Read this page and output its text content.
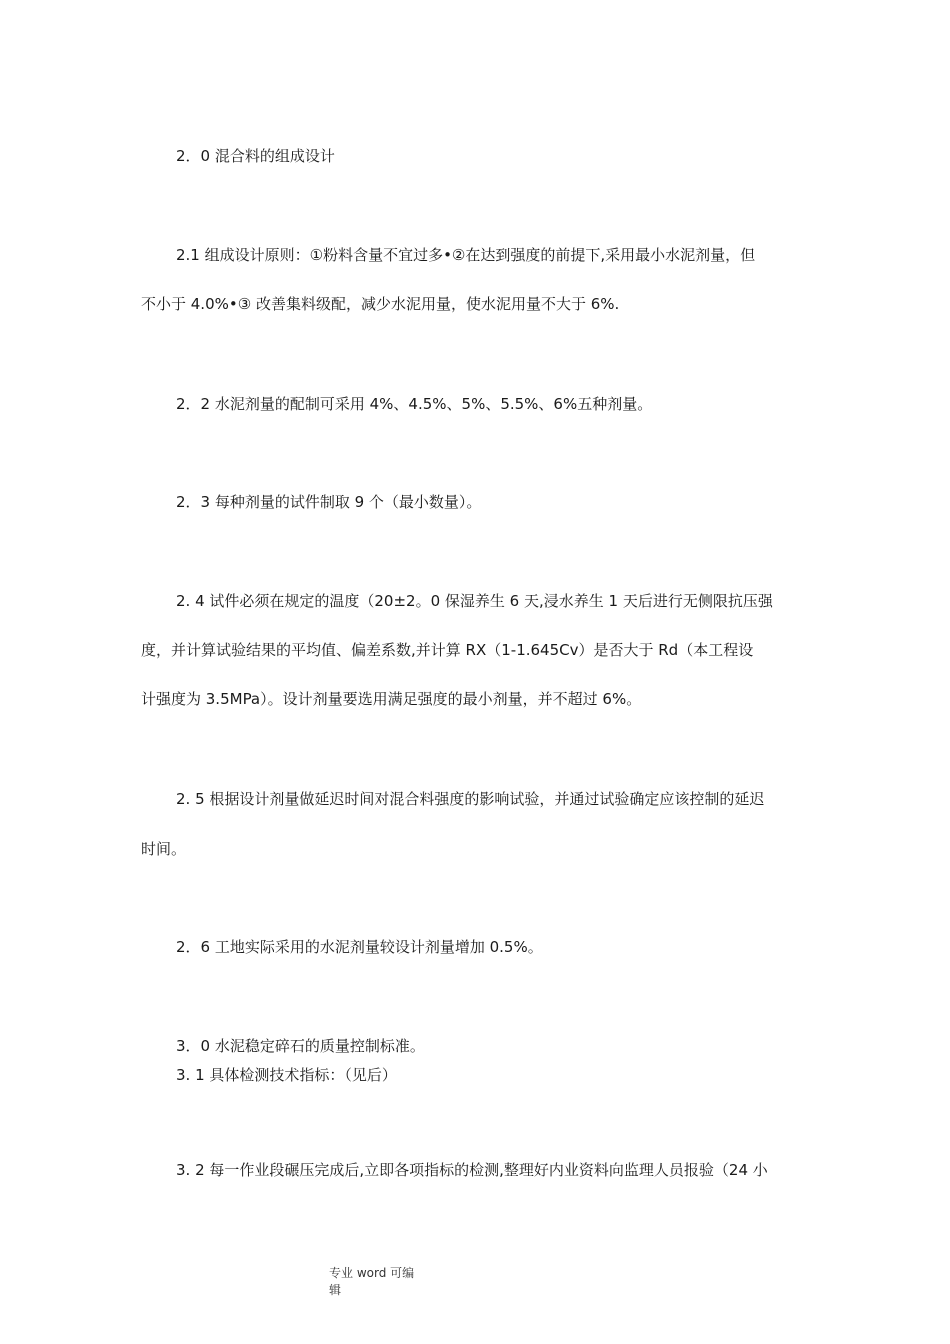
2．0 混合料的组成设计
2.1 组成设计原则：①粉料含量不宜过多•②在达到强度的前提下,采用最小水泥剂量，但
不小于 4.0%•③ 改善集料级配，减少水泥用量，使水泥用量不大于 6%.
2．2 水泥剂量的配制可采用 4%、4.5%、5%、5.5%、6%五种剂量。
2．3 每种剂量的试件制取 9 个（最小数量）。
2. 4 试件必须在规定的温度（20±2。0 保湿养生 6 天,浸水养生 1 天后进行无侧限抗压强
度，并计算试验结果的平均值、偏差系数,并计算 RX（1-1.645Cv）是否大于 Rd（本工程设
计强度为 3.5MPa）。设计剂量要选用满足强度的最小剂量，并不超过 6%。
2. 5 根据设计剂量做延迟时间对混合料强度的影响试验，并通过试验确定应该控制的延迟
时间。
2．6 工地实际采用的水泥剂量较设计剂量增加 0.5%。
3．0 水泥稳定碎石的质量控制标准。
3. 1 具体检测技术指标：（见后）
3. 2 每一作业段碾压完成后,立即各项指标的检测,整理好内业资料向监理人员报验（24 小
专业 word 可编
辑
